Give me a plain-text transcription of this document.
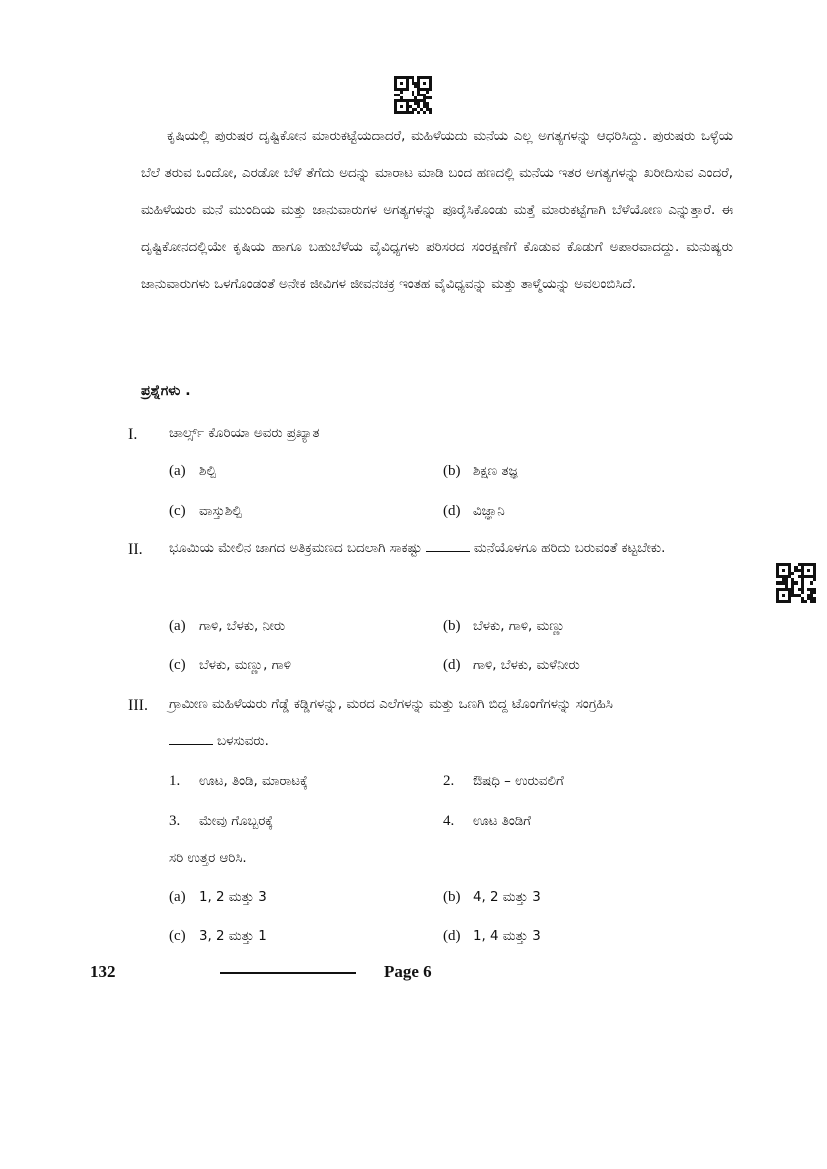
ಕೃಷಿಯಲ್ಲಿ ಪುರುಷರ ದೃಷ್ಟಿಕೋನ ಮಾರುಕಟ್ಟೆಯದಾದರೆ, ಮಹಿಳೆಯದು ಮನೆಯ ಎಲ್ಲ ಅಗತ್ಯಗಳನ್ನು ಆಧರಿಸಿದ್ದು. ಪುರುಷರು ಒಳ್ಳೆಯ ಬೆಲೆ ತರುವ ಒಂದೋ, ಎರಡೋ ಬೆಳೆ ತೆಗೆದು ಅದನ್ನು ಮಾರಾಟ ಮಾಡಿ ಬಂದ ಹಣದಲ್ಲಿ ಮನೆಯ ಇತರ ಅಗತ್ಯಗಳನ್ನು ಖರೀದಿಸುವ ಎಂದರೆ, ಮಹಿಳೆಯರು ಮನೆ ಮುಂದಿಯ ಮತ್ತು ಜಾನುವಾರುಗಳ ಅಗತ್ಯಗಳನ್ನು ಪೂರೈಸಿಕೊಂಡು ಮತ್ತೆ ಮಾರುಕಟ್ಟೆಗಾಗಿ ಬೆಳೆಯೋಣ ಎನ್ನುತ್ತಾರೆ. ಈ ದೃಷ್ಟಿಕೋನದಲ್ಲಿಯೇ ಕೃಷಿಯ ಹಾಗೂ ಬಹುಬೆಳೆಯ ವೈವಿಧ್ಯಗಳು ಪರಿಸರದ ಸಂರಕ್ಷಣೆಗೆ ಕೊಡುವ ಕೊಡುಗೆ ಅಪಾರವಾದದ್ದು. ಮನುಷ್ಯರು ಜಾನುವಾರುಗಳು ಒಳಗೊಂಡಂತೆ ಅನೇಕ ಜೀವಿಗಳ ಜೀವನಚಕ್ರ ಇಂತಹ ವೈವಿಧ್ಯವನ್ನು ಮತ್ತು ತಾಳ್ಮೆಯನ್ನು ಅವಲಂಬಿಸಿದೆ.

ಪ್ರಶ್ನೆಗಳು .

I. ಚಾರ್ಲ್ಸ್ ಕೊರಿಯಾ ಅವರು ಪ್ರಖ್ಯಾತ

(a) ಶಿಲ್ಪಿ	(b) ಶಿಕ್ಷಣ ತಜ್ಞ
(c) ವಾಸ್ತುಶಿಲ್ಪಿ	(d) ವಿಜ್ಞಾನಿ
II. ಭೂಮಿಯ ಮೇಲಿನ ಜಾಗದ ಅತಿಕ್ರಮಣದ ಬದಲಾಗಿ ಸಾಕಷ್ಟು	ಮನೆಯೊಳಗೂ ಹರಿದು ಬರುವಂತೆ ಕಟ್ಟಬೇಕು.

(a) ಗಾಳಿ, ಬೆಳಕು, ನೀರು	(b) ಬೆಳಕು, ಗಾಳಿ, ಮಣ್ಣು
(c) ಬೆಳಕು, ಮಣ್ಣು, ಗಾಳಿ	(d) ಗಾಳಿ, ಬೆಳಕು, ಮಳೆನೀರು
III. ಗ್ರಾಮೀಣ ಮಹಿಳೆಯರು ಗೆಡ್ಡೆ ಕಡ್ಡಿಗಳನ್ನು, ಮರದ ಎಲೆಗಳನ್ನು ಮತ್ತು ಒಣಗಿ ಬಿದ್ದ ಟೊಂಗೆಗಳನ್ನು ಸಂಗ್ರಹಿಸಿ
ಬಳಸುವರು.

1. ಊಟ, ತಿಂಡಿ, ಮಾರಾಟಕ್ಕೆ	2. ಔಷಧಿ – ಉರುವಲಿಗೆ
3. ಮೇವು ಗೊಬ್ಬರಕ್ಕೆ	4. ಊಟ ತಿಂಡಿಗೆ
ಸರಿ ಉತ್ತರ ಆರಿಸಿ.
(a) 1, 2 ಮತ್ತು 3	(b) 4, 2 ಮತ್ತು 3
(c) 3, 2 ಮತ್ತು 1	(d) 1, 4 ಮತ್ತು 3
132	Page 6
